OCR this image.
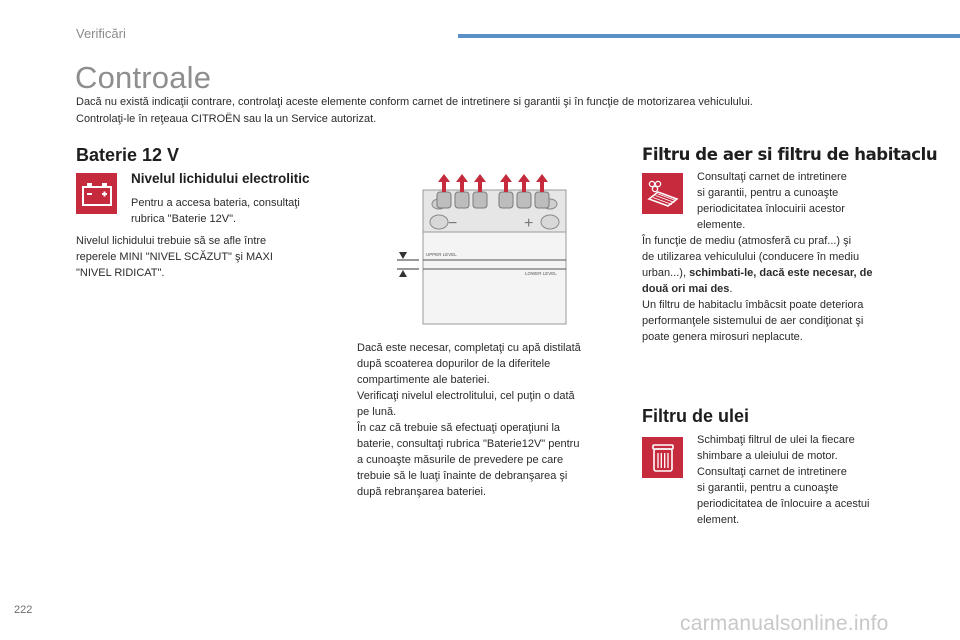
Verificări
Controale

Dacă nu există indicaţii contrare, controlaţi aceste elemente conform carnet de intretinere si garantii şi în funcţie de motorizarea vehiculului.

Controlaţi-le în reţeaua CITROËN sau la un Service autorizat.

Baterie 12 V
Nivelul lichidului electrolitic

Pentru a accesa bateria, consultaţi

rubrica "Baterie 12V".

Nivelul lichidului trebuie să se afle între

reperele MINI "NIVEL SCĂZUT" şi MAXI

"NIVEL RIDICAT".

UPPER LEVEL
LOWER LEVEL
−	+

Dacă este necesar, completaţi cu apă distilată

după scoaterea dopurilor de la diferitele

compartimente ale bateriei.

Verificaţi nivelul electrolitului, cel puţin o dată

pe lună.

În caz că trebuie să efectuaţi operaţiuni la

baterie, consultaţi rubrica "Baterie12V" pentru

a cunoaşte măsurile de prevedere pe care

trebuie să le luaţi înainte de debranşarea şi

după rebranşarea bateriei.

Filtru de aer si filtru de habitaclu

Consultaţi carnet de intretinere

si garantii, pentru a cunoaşte

periodicitatea înlocuirii acestor

elemente.

În funcţie de mediu (atmosferă cu praf...) şi

de utilizarea vehiculului (conducere în mediu

urban...), schimbati-le, dacă este necesar, de

două ori mai des.

Un filtru de habitaclu îmbâcsit poate deteriora

performanţele sistemului de aer condiţionat şi

poate genera mirosuri neplacute.

Filtru de ulei

Schimbaţi filtrul de ulei la fiecare

shimbare a uleiului de motor.

Consultaţi carnet de intretinere

si garantii, pentru a cunoaşte

periodicitatea de înlocuire a acestui

element.

222
carmanualsonline.info
